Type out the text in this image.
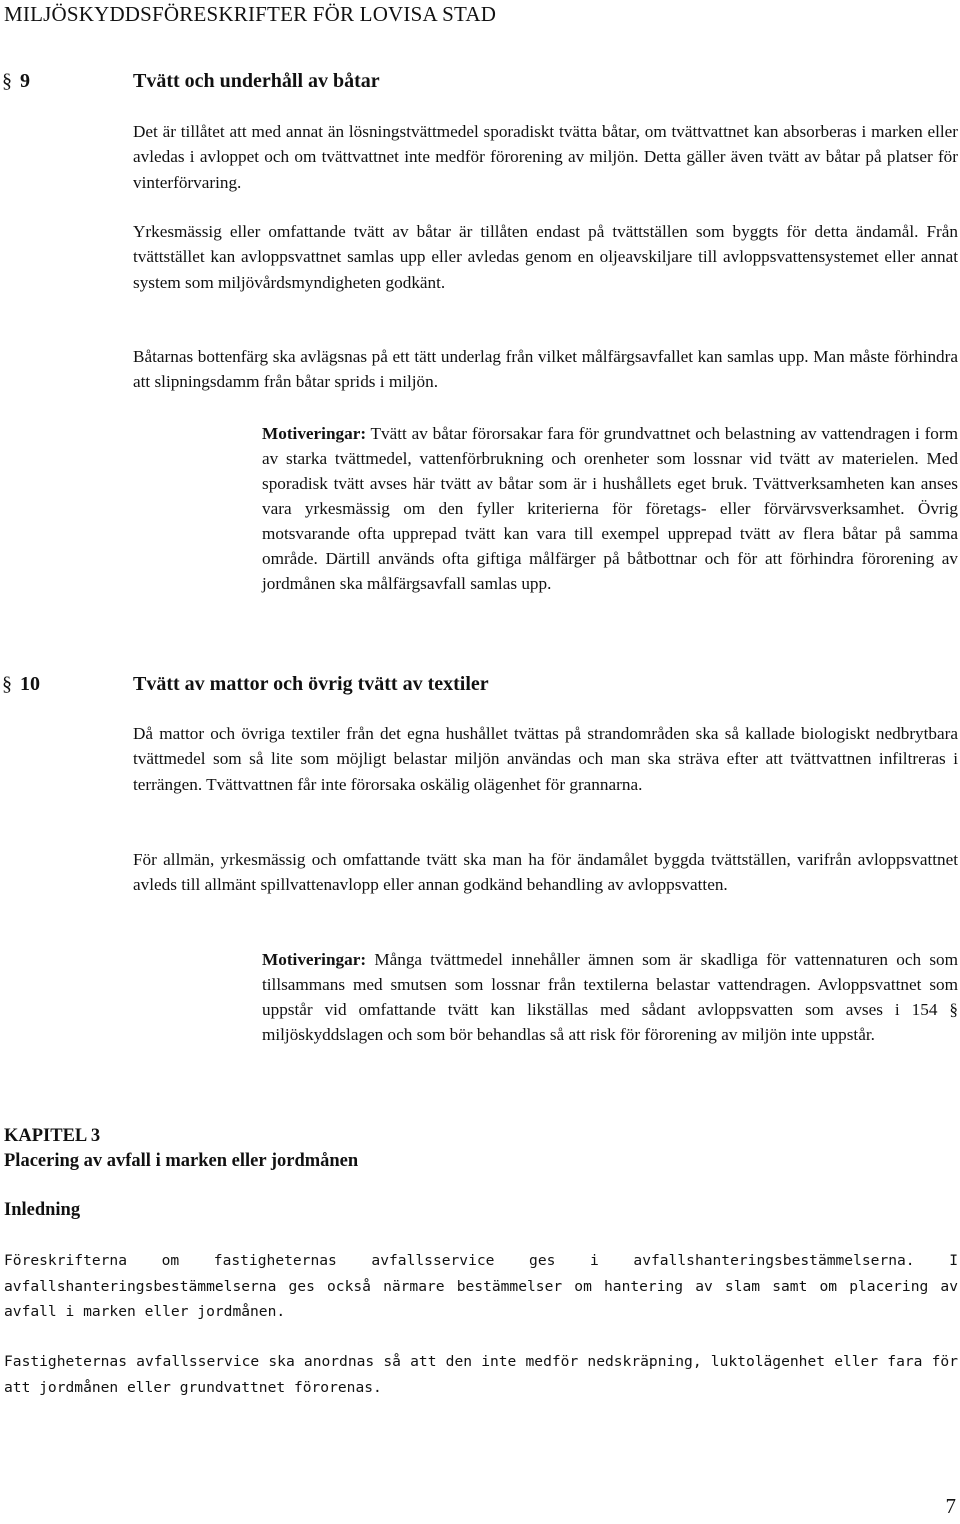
MILJÖSKYDDSFÖRESKRIFTER FÖR LOVISA STAD
§ 9	Tvätt och underhåll av båtar

Det är tillåtet att med annat än lösningstvättmedel sporadiskt tvätta båtar, om tvättvattnet kan absorberas i marken eller avledas i avloppet och om tvättvattnet inte medför förorening av miljön. Detta gäller även tvätt av båtar på platser för vinterförvaring.

Yrkesmässig eller omfattande tvätt av båtar är tillåten endast på tvättställen som byggts för detta ändamål. Från tvättstället kan avloppsvattnet samlas upp eller avledas genom en oljeavskiljare till avloppsvattensystemet eller annat system som miljövårdsmyndigheten godkänt.

Båtarnas bottenfärg ska avlägsnas på ett tätt underlag från vilket målfärgsavfallet kan samlas upp. Man måste förhindra att slipningsdamm från båtar sprids i miljön.

Motiveringar: Tvätt av båtar förorsakar fara för grundvattnet och belastning av vattendragen i form av starka tvättmedel, vattenförbrukning och orenheter som lossnar vid tvätt av materielen. Med sporadisk tvätt avses här tvätt av båtar som är i hushållets eget bruk. Tvättverksamheten kan anses vara yrkesmässig om den fyller kriterierna för företags- eller förvärvsverksamhet. Övrig motsvarande ofta upprepad tvätt kan vara till exempel upprepad tvätt av flera båtar på samma område. Därtill används ofta giftiga målfärger på båtbottnar och för att förhindra förorening av jordmånen ska målfärgsavfall samlas upp.

§ 10	Tvätt av mattor och övrig tvätt av textiler

Då mattor och övriga textiler från det egna hushållet tvättas på strandområden ska så kallade biologiskt nedbrytbara tvättmedel som så lite som möjligt belastar miljön användas och man ska sträva efter att tvättvattnen infiltreras i terrängen. Tvättvattnen får inte förorsaka oskälig olägenhet för grannarna.

För allmän, yrkesmässig och omfattande tvätt ska man ha för ändamålet byggda tvättställen, varifrån avloppsvattnet avleds till allmänt spillvattenavlopp eller annan godkänd behandling av avloppsvatten.

Motiveringar: Många tvättmedel innehåller ämnen som är skadliga för vattennaturen och som tillsammans med smutsen som lossnar från textilerna belastar vattendragen. Avloppsvattnet som uppstår vid omfattande tvätt kan likställas med sådant avloppsvatten som avses i 154 § miljöskyddslagen och som bör behandlas så att risk för förorening av miljön inte uppstår.

KAPITEL 3
Placering av avfall i marken eller jordmånen
Inledning

Föreskrifterna om fastigheternas avfallsservice ges i avfallshanteringsbestämmelserna. I avfallshanteringsbestämmelserna ges också närmare bestämmelser om hantering av slam samt om placering av avfall i marken eller jordmånen.

Fastigheternas avfallsservice ska anordnas så att den inte medför nedskräpning, luktolägenhet eller fara för att jordmånen eller grundvattnet förorenas.

7
